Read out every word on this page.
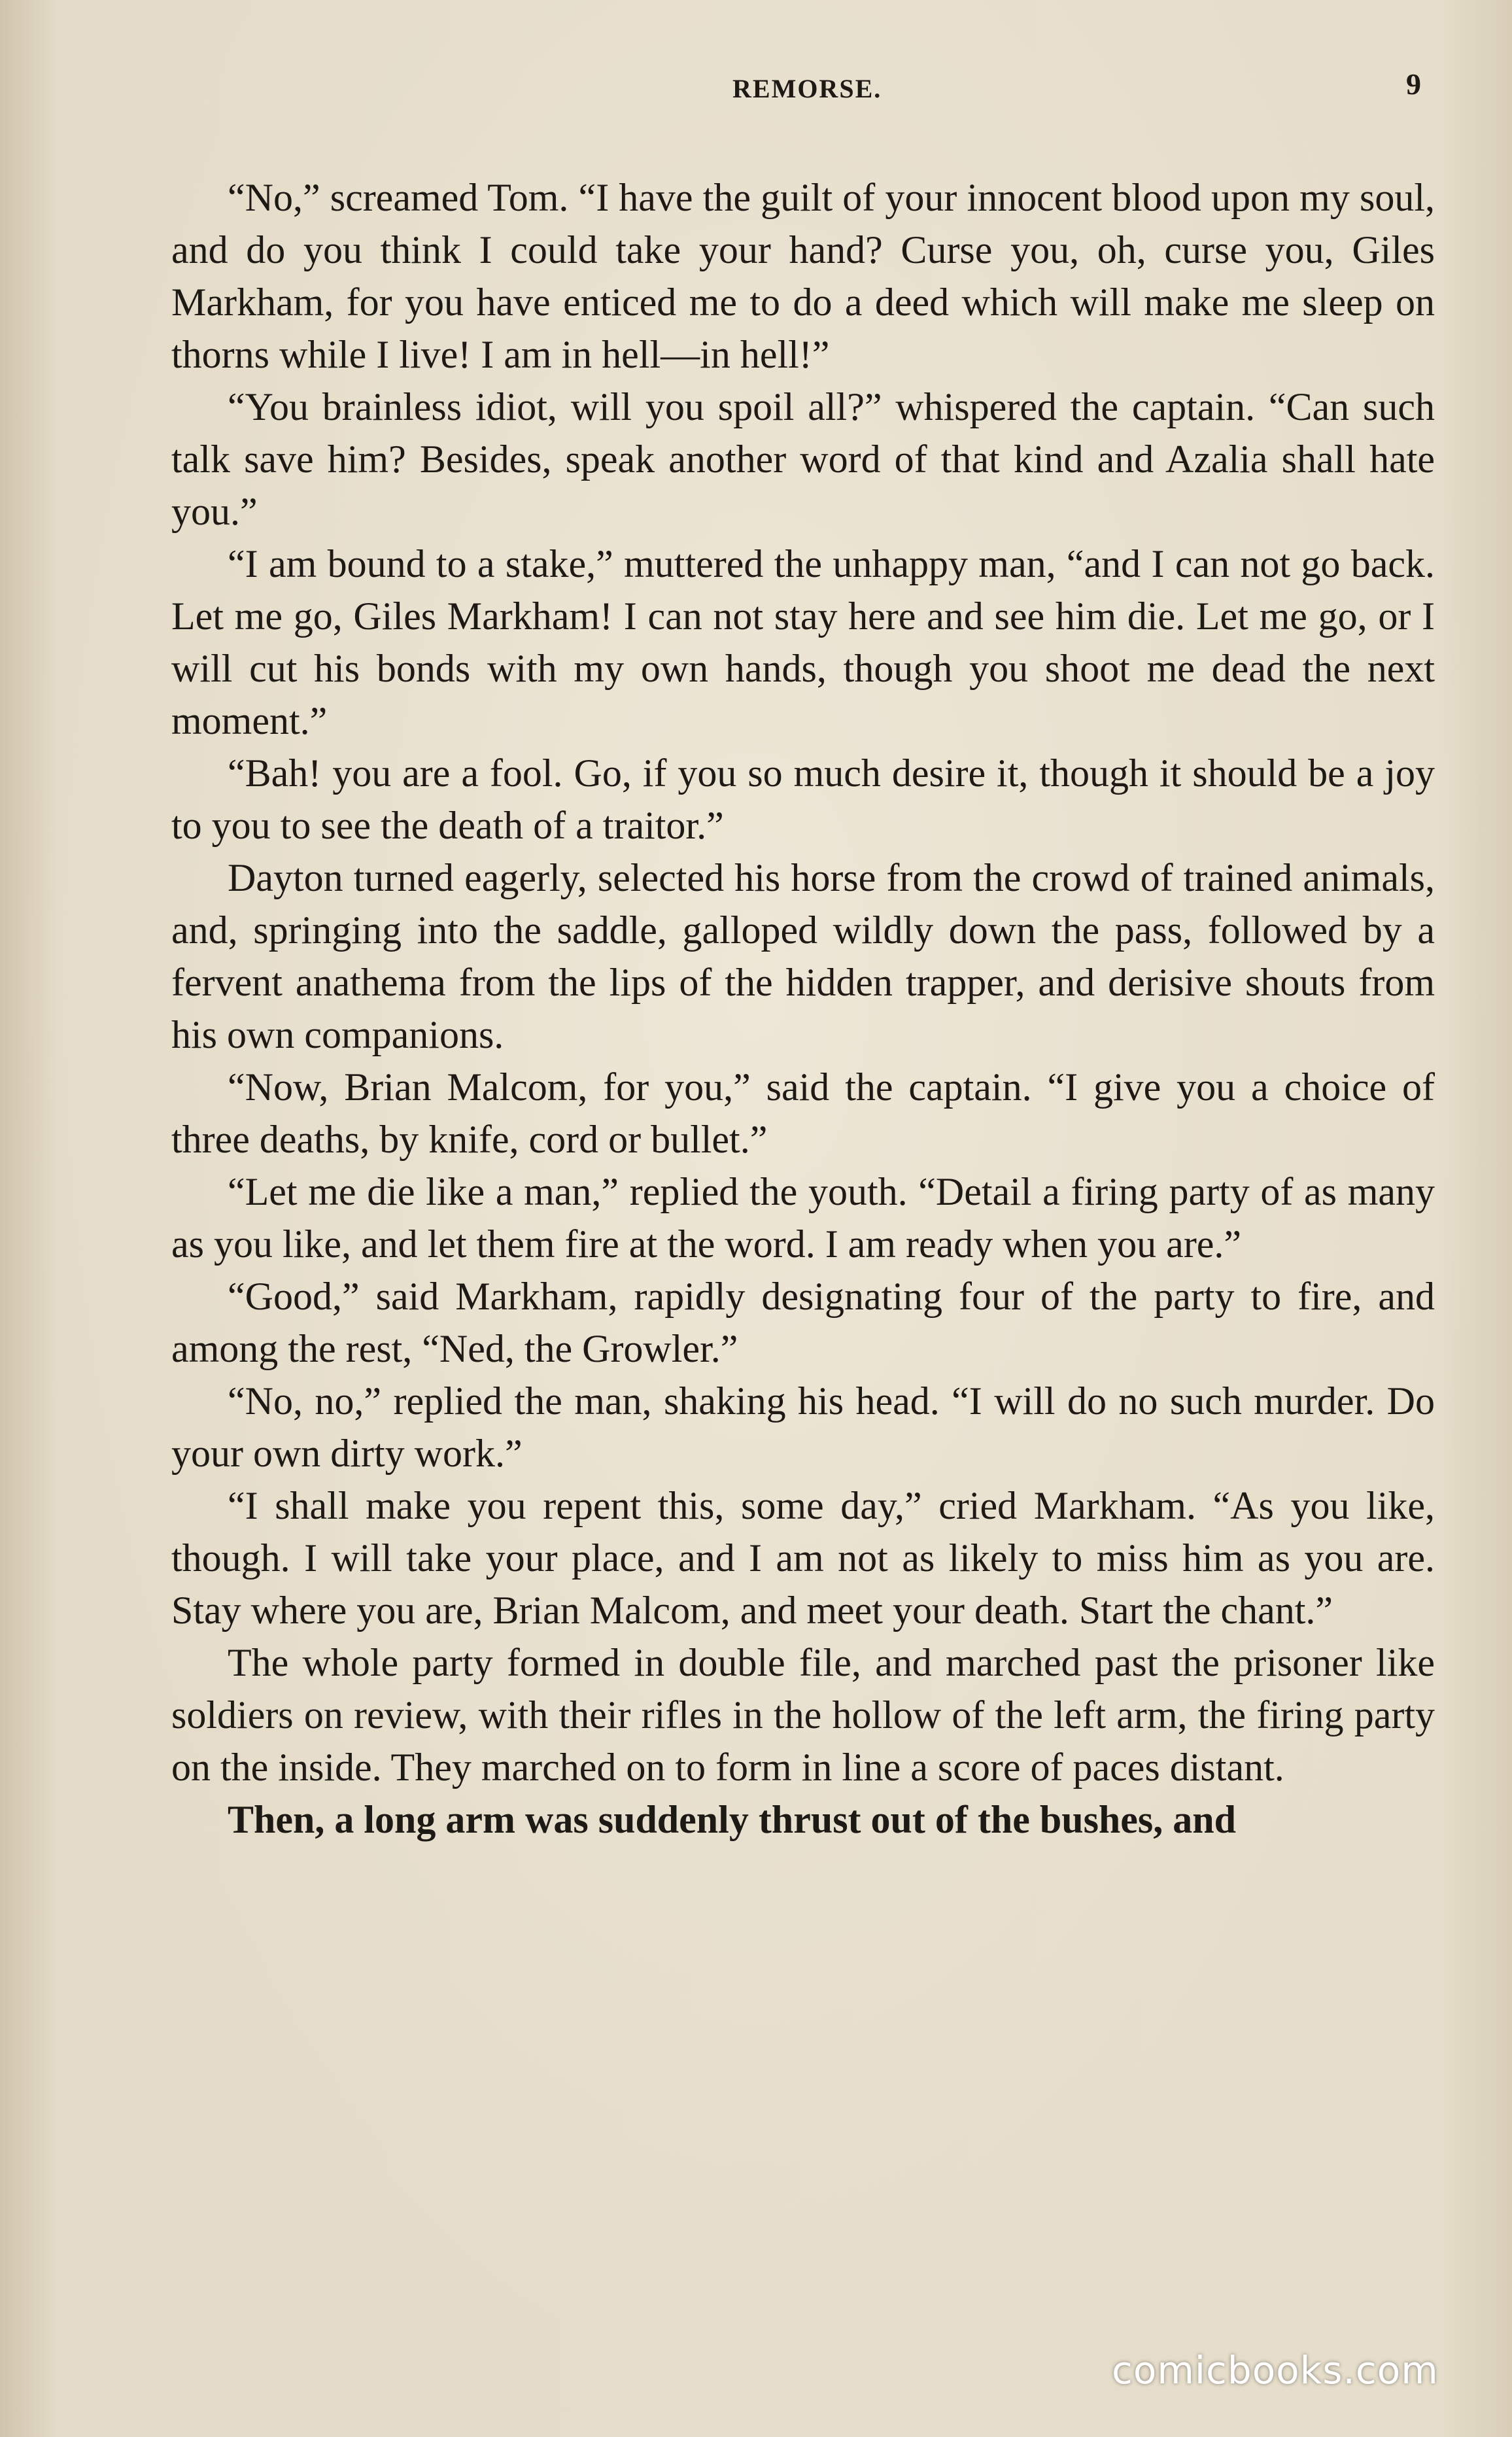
REMORSE.	9

“No,” screamed Tom. “I have the guilt of your innocent blood upon my soul, and do you think I could take your hand? Curse you, oh, curse you, Giles Markham, for you have enticed me to do a deed which will make me sleep on thorns while I live! I am in hell—in hell!”

“You brainless idiot, will you spoil all?” whispered the captain. “Can such talk save him? Besides, speak another word of that kind and Azalia shall hate you.”

“I am bound to a stake,” muttered the unhappy man, “and I can not go back. Let me go, Giles Markham! I can not stay here and see him die. Let me go, or I will cut his bonds with my own hands, though you shoot me dead the next moment.”

“Bah! you are a fool. Go, if you so much desire it, though it should be a joy to you to see the death of a traitor.”

Dayton turned eagerly, selected his horse from the crowd of trained animals, and, springing into the saddle, galloped wildly down the pass, followed by a fervent anathema from the lips of the hidden trapper, and derisive shouts from his own companions.

“Now, Brian Malcom, for you,” said the captain. “I give you a choice of three deaths, by knife, cord or bullet.”

“Let me die like a man,” replied the youth. “Detail a firing party of as many as you like, and let them fire at the word. I am ready when you are.”

“Good,” said Markham, rapidly designating four of the party to fire, and among the rest, “Ned, the Growler.”

“No, no,” replied the man, shaking his head. “I will do no such murder. Do your own dirty work.”

“I shall make you repent this, some day,” cried Markham. “As you like, though. I will take your place, and I am not as likely to miss him as you are. Stay where you are, Brian Malcom, and meet your death. Start the chant.”

The whole party formed in double file, and marched past the prisoner like soldiers on review, with their rifles in the hollow of the left arm, the firing party on the inside. They marched on to form in line a score of paces distant.

Then, a long arm was suddenly thrust out of the bushes, and

comicbooks.com
